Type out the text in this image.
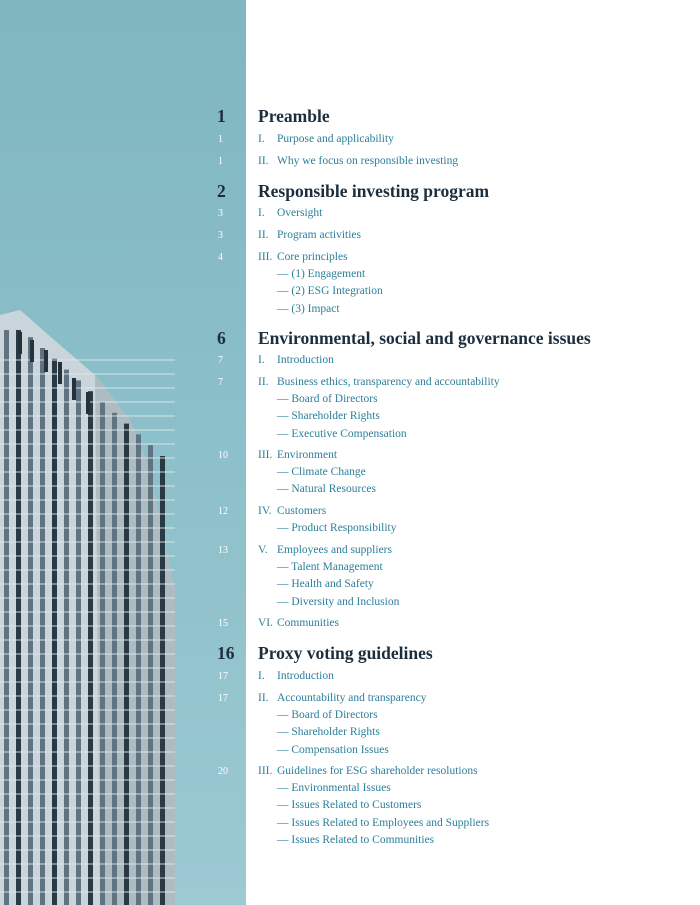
1 Preamble
1	I. Purpose and applicability
1	II. Why we focus on responsible investing
2 Responsible investing program
3	I. Oversight
3	II. Program activities
4	III. Core principles
— (1) Engagement
— (2) ESG Integration
— (3) Impact
6 Environmental, social and governance issues
7	I. Introduction
7	II. Business ethics, transparency and accountability
— Board of Directors
— Shareholder Rights
— Executive Compensation
10	III. Environment
— Climate Change
— Natural Resources
12	IV. Customers
— Product Responsibility
13	V. Employees and suppliers
— Talent Management
— Health and Safety
— Diversity and Inclusion
15	VI. Communities
16 Proxy voting guidelines
17	I. Introduction
17	II. Accountability and transparency
— Board of Directors
— Shareholder Rights
— Compensation Issues
20	III. Guidelines for ESG shareholder resolutions
— Environmental Issues
— Issues Related to Customers
— Issues Related to Employees and Suppliers
— Issues Related to Communities
